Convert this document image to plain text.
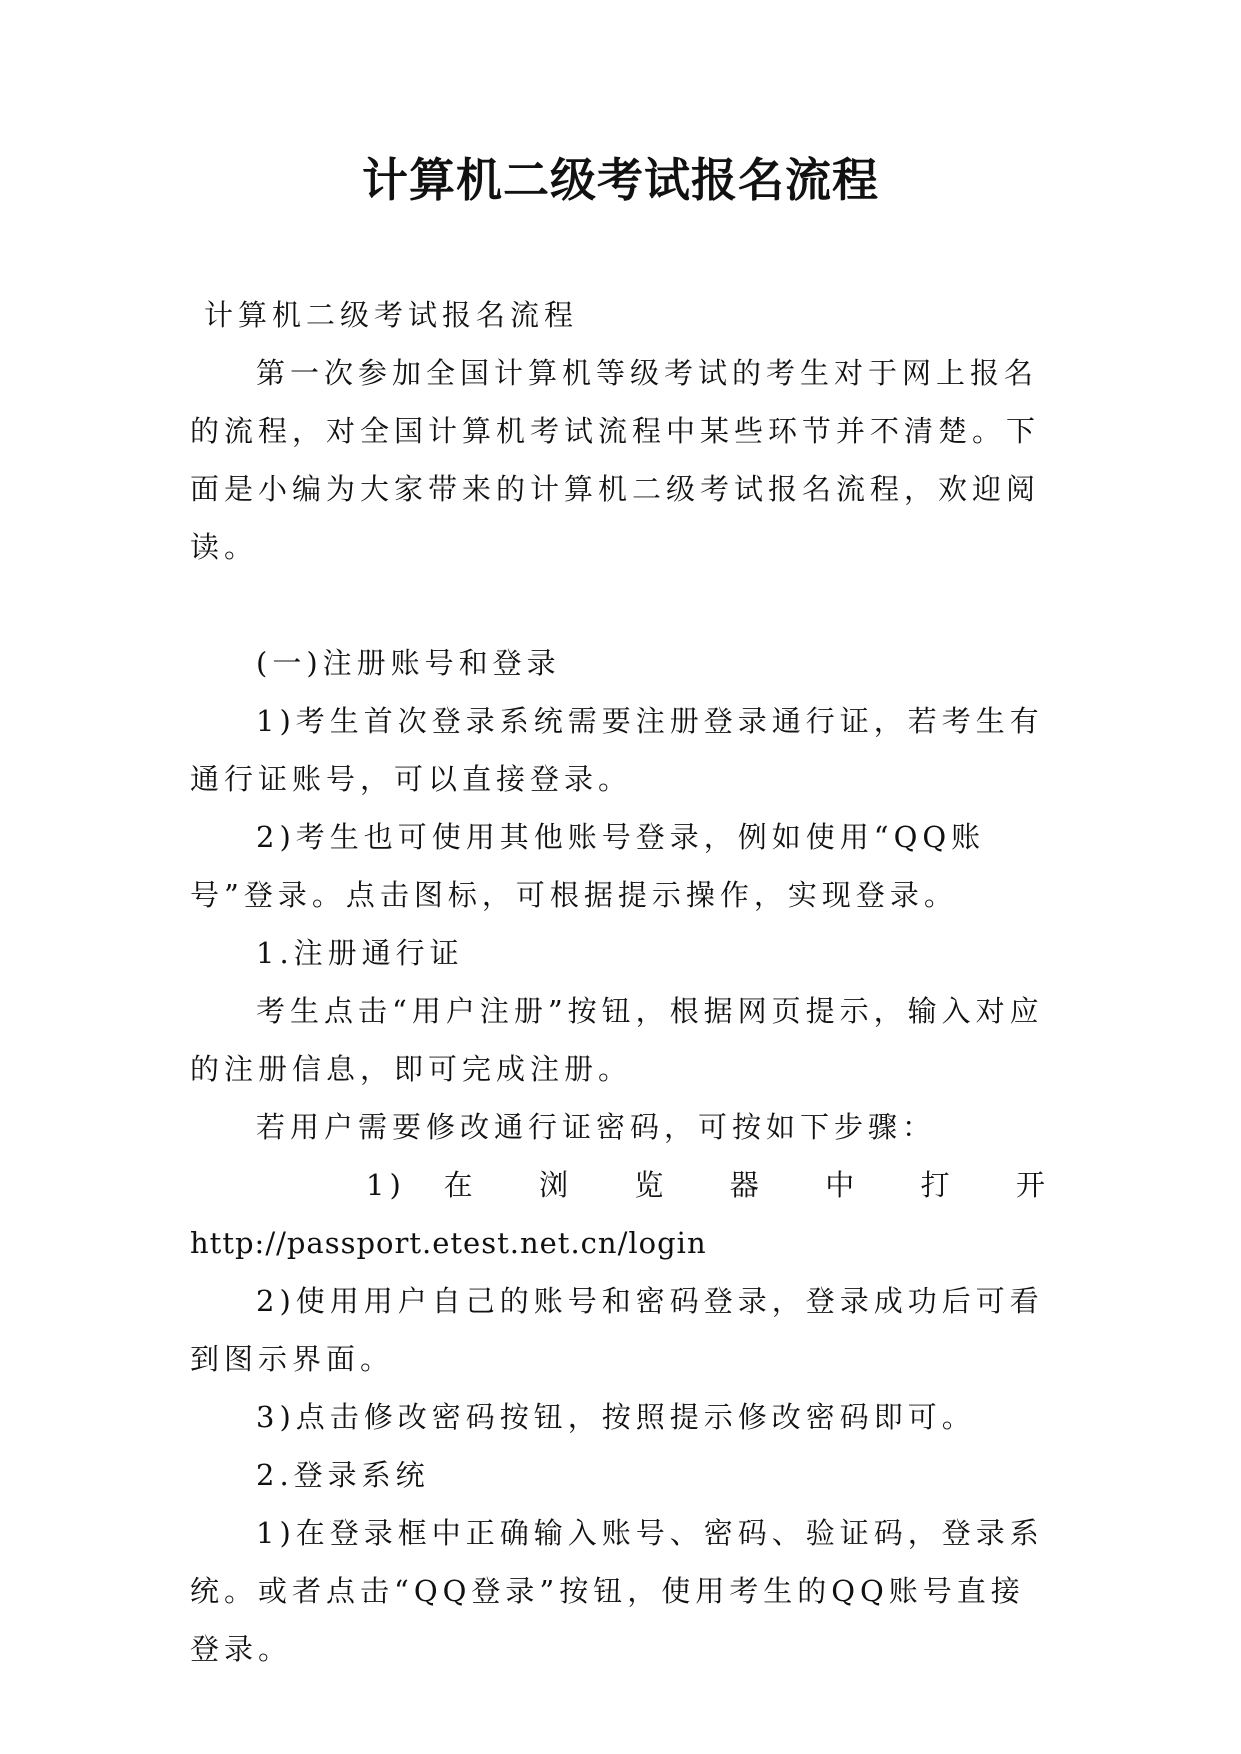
计算机二级考试报名流程

计算机二级考试报名流程

第一次参加全国计算机等级考试的考生对于网上报名的流程，对全国计算机考试流程中某些环节并不清楚。下面是小编为大家带来的计算机二级考试报名流程，欢迎阅读。

(一)注册账号和登录

1)考生首次登录系统需要注册登录通行证，若考生有通行证账号，可以直接登录。

2)考生也可使用其他账号登录，例如使用“QQ账号”登录。点击图标，可根据提示操作，实现登录。

1.注册通行证

考生点击“用户注册”按钮，根据网页提示，输入对应的注册信息，即可完成注册。

若用户需要修改通行证密码，可按如下步骤：

1) 在 浏 览 器 中 打 开

http://passport.etest.net.cn/login

2)使用用户自己的账号和密码登录，登录成功后可看到图示界面。

3)点击修改密码按钮，按照提示修改密码即可。

2.登录系统

1)在登录框中正确输入账号、密码、验证码，登录系统。或者点击“QQ登录”按钮，使用考生的QQ账号直接登录。
